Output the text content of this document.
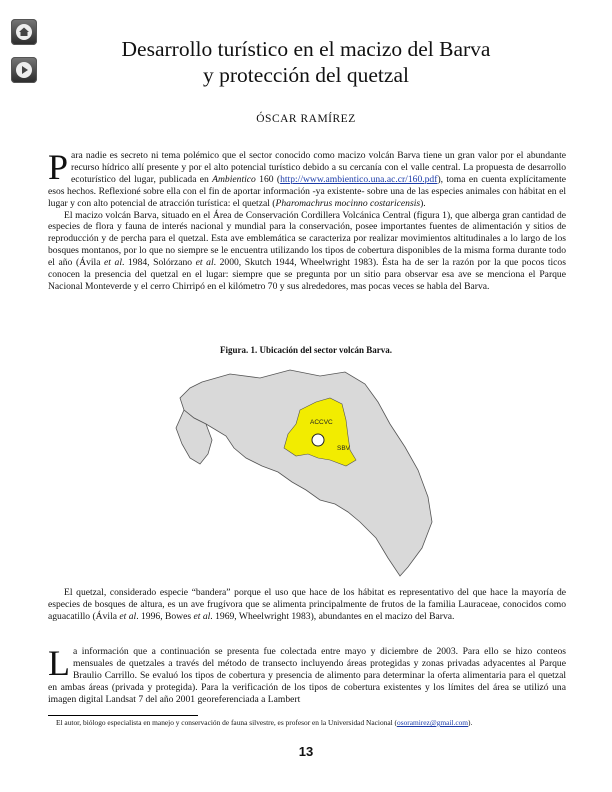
Desarrollo turístico en el macizo del Barva
y protección del quetzal
ÓSCAR RAMÍREZ

Para nadie es secreto ni tema polémico que el sector conocido como macizo volcán Barva tiene un gran valor por el abundante recurso hídrico allí presente y por el alto potencial turístico debido a su cercanía con el valle central. La propuesta de desarrollo ecoturístico del lugar, publicada en Ambientico 160 (http://www.ambientico.una.ac.cr/160.pdf), toma en cuenta explícitamente esos hechos. Reflexioné sobre ella con el fin de aportar información -ya existente- sobre una de las especies animales con hábitat en el lugar y con alto potencial de atracción turística: el quetzal (Pharomachrus mocinno costaricensis).

El macizo volcán Barva, situado en el Área de Conservación Cordillera Volcánica Central (figura 1), que alberga gran cantidad de especies de flora y fauna de interés nacional y mundial para la conservación, posee importantes fuentes de alimentación y sitios de reproducción y de percha para el quetzal. Esta ave emblemática se caracteriza por realizar movimientos altitudinales a lo largo de los bosques montanos, por lo que no siempre se le encuentra utilizando los tipos de cobertura disponibles de la misma forma durante todo el año (Ávila et al. 1984, Solórzano et al. 2000, Skutch 1944, Wheelwright 1983). Ésta ha de ser la razón por la que pocos ticos conocen la presencia del quetzal en el lugar: siempre que se pregunta por un sitio para observar esa ave se menciona el Parque Nacional Monteverde y el cerro Chirripó en el kilómetro 70 y sus alrededores, mas pocas veces se habla del Barva.

Figura. 1. Ubicación del sector volcán Barva.
ACCVC
SBV

El quetzal, considerado especie “bandera” porque el uso que hace de los hábitat es representativo del que hace la mayoría de especies de bosques de altura, es un ave frugívora que se alimenta principalmente de frutos de la familia Lauraceae, conocidos como aguacatillo (Ávila et al. 1996, Bowes et al. 1969, Wheelwright 1983), abundantes en el macizo del Barva.

La información que a continuación se presenta fue colectada entre mayo y diciembre de 2003. Para ello se hizo conteos mensuales de quetzales a través del método de transecto incluyendo áreas protegidas y zonas privadas adyacentes al Parque Braulio Carrillo. Se evaluó los tipos de cobertura y presencia de alimento para determinar la oferta alimentaria para el quetzal en ambas áreas (privada y protegida). Para la verificación de los tipos de cobertura existentes y los límites del área se utilizó una imagen digital Landsat 7 del año 2001 georeferenciada a Lambert

El autor, biólogo especialista en manejo y conservación de fauna silvestre, es profesor en la Universidad Nacional (osoramirez@gmail.com).
13
